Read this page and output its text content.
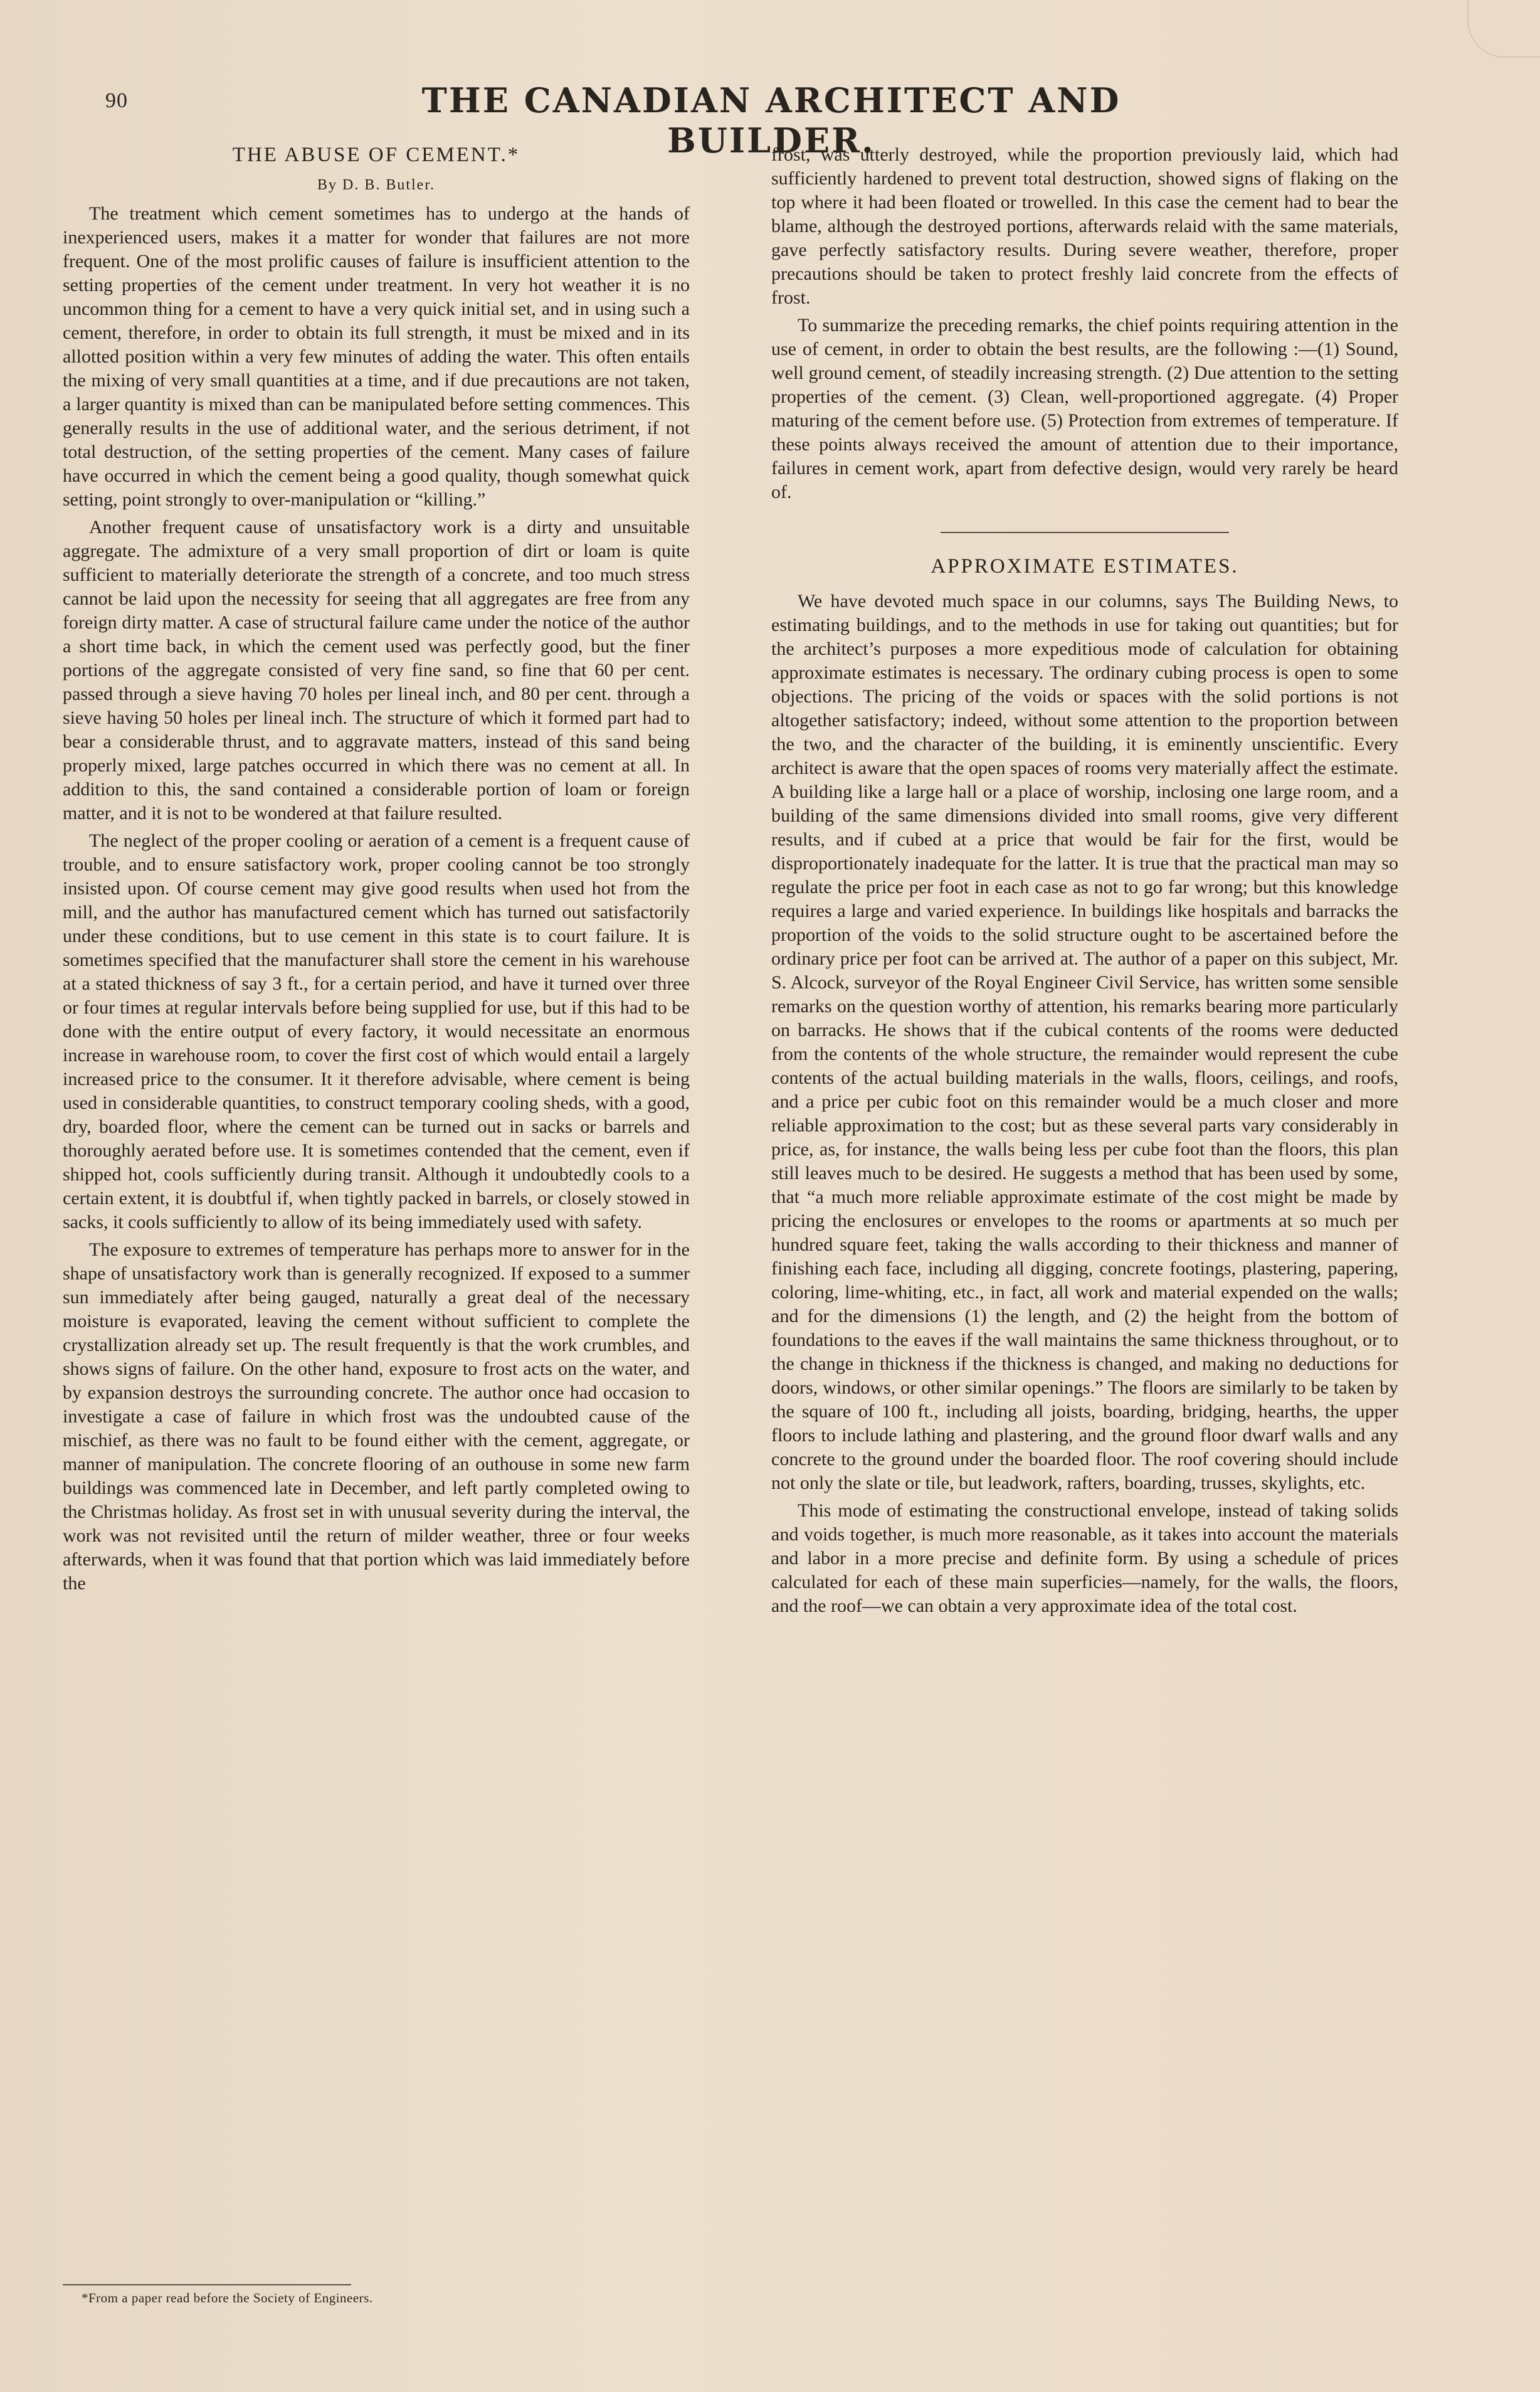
90	THE CANADIAN ARCHITECT AND BUILDER.
THE ABUSE OF CEMENT.*
By D. B. Butler.

The treatment which cement sometimes has to undergo at the hands of inexperienced users, makes it a matter for wonder that failures are not more frequent. One of the most prolific causes of failure is insufficient attention to the setting properties of the cement under treatment. In very hot weather it is no uncommon thing for a cement to have a very quick initial set, and in using such a cement, therefore, in order to obtain its full strength, it must be mixed and in its allotted position within a very few minutes of adding the water. This often entails the mixing of very small quantities at a time, and if due precautions are not taken, a larger quantity is mixed than can be manipulated before setting commences. This generally results in the use of additional water, and the serious detriment, if not total destruction, of the setting properties of the cement. Many cases of failure have occurred in which the cement being a good quality, though somewhat quick setting, point strongly to over-manipulation or “killing.”

Another frequent cause of unsatisfactory work is a dirty and unsuitable aggregate. The admixture of a very small proportion of dirt or loam is quite sufficient to materially deteriorate the strength of a concrete, and too much stress cannot be laid upon the necessity for seeing that all aggregates are free from any foreign dirty matter. A case of structural failure came under the notice of the author a short time back, in which the cement used was perfectly good, but the finer portions of the aggregate consisted of very fine sand, so fine that 60 per cent. passed through a sieve having 70 holes per lineal inch, and 80 per cent. through a sieve having 50 holes per lineal inch. The structure of which it formed part had to bear a considerable thrust, and to aggravate matters, instead of this sand being properly mixed, large patches occurred in which there was no cement at all. In addition to this, the sand contained a considerable portion of loam or foreign matter, and it is not to be wondered at that failure resulted.

The neglect of the proper cooling or aeration of a cement is a frequent cause of trouble, and to ensure satisfactory work, proper cooling cannot be too strongly insisted upon. Of course cement may give good results when used hot from the mill, and the author has manufactured cement which has turned out satisfactorily under these conditions, but to use cement in this state is to court failure. It is sometimes specified that the manufacturer shall store the cement in his warehouse at a stated thickness of say 3 ft., for a certain period, and have it turned over three or four times at regular intervals before being supplied for use, but if this had to be done with the entire output of every factory, it would necessitate an enormous increase in warehouse room, to cover the first cost of which would entail a largely increased price to the consumer. It it therefore advisable, where cement is being used in considerable quantities, to construct temporary cooling sheds, with a good, dry, boarded floor, where the cement can be turned out in sacks or barrels and thoroughly aerated before use. It is sometimes contended that the cement, even if shipped hot, cools sufficiently during transit. Although it undoubtedly cools to a certain extent, it is doubtful if, when tightly packed in barrels, or closely stowed in sacks, it cools sufficiently to allow of its being immediately used with safety.

The exposure to extremes of temperature has perhaps more to answer for in the shape of unsatisfactory work than is generally recognized. If exposed to a summer sun immediately after being gauged, naturally a great deal of the necessary moisture is evaporated, leaving the cement without sufficient to complete the crystallization already set up. The result frequently is that the work crumbles, and shows signs of failure. On the other hand, exposure to frost acts on the water, and by expansion destroys the surrounding concrete. The author once had occasion to investigate a case of failure in which frost was the undoubted cause of the mischief, as there was no fault to be found either with the cement, aggregate, or manner of manipulation. The concrete flooring of an outhouse in some new farm buildings was commenced late in December, and left partly completed owing to the Christmas holiday. As frost set in with unusual severity during the interval, the work was not revisited until the return of milder weather, three or four weeks afterwards, when it was found that that portion which was laid immediately before the

frost, was utterly destroyed, while the proportion previously laid, which had sufficiently hardened to prevent total destruction, showed signs of flaking on the top where it had been floated or trowelled. In this case the cement had to bear the blame, although the destroyed portions, afterwards relaid with the same materials, gave perfectly satisfactory results. During severe weather, therefore, proper precautions should be taken to protect freshly laid concrete from the effects of frost.

To summarize the preceding remarks, the chief points requiring attention in the use of cement, in order to obtain the best results, are the following :—(1) Sound, well ground cement, of steadily increasing strength. (2) Due attention to the setting properties of the cement. (3) Clean, well-proportioned aggregate. (4) Proper maturing of the cement before use. (5) Protection from extremes of temperature. If these points always received the amount of attention due to their importance, failures in cement work, apart from defective design, would very rarely be heard of.

APPROXIMATE ESTIMATES.

We have devoted much space in our columns, says The Building News, to estimating buildings, and to the methods in use for taking out quantities; but for the architect’s purposes a more expeditious mode of calculation for obtaining approximate estimates is necessary. The ordinary cubing process is open to some objections. The pricing of the voids or spaces with the solid portions is not altogether satisfactory; indeed, without some attention to the proportion between the two, and the character of the building, it is eminently unscientific. Every architect is aware that the open spaces of rooms very materially affect the estimate. A building like a large hall or a place of worship, inclosing one large room, and a building of the same dimensions divided into small rooms, give very different results, and if cubed at a price that would be fair for the first, would be disproportionately inadequate for the latter. It is true that the practical man may so regulate the price per foot in each case as not to go far wrong; but this knowledge requires a large and varied experience. In buildings like hospitals and barracks the proportion of the voids to the solid structure ought to be ascertained before the ordinary price per foot can be arrived at. The author of a paper on this subject, Mr. S. Alcock, surveyor of the Royal Engineer Civil Service, has written some sensible remarks on the question worthy of attention, his remarks bearing more particularly on barracks. He shows that if the cubical contents of the rooms were deducted from the contents of the whole structure, the remainder would represent the cube contents of the actual building materials in the walls, floors, ceilings, and roofs, and a price per cubic foot on this remainder would be a much closer and more reliable approximation to the cost; but as these several parts vary considerably in price, as, for instance, the walls being less per cube foot than the floors, this plan still leaves much to be desired. He suggests a method that has been used by some, that “a much more reliable approximate estimate of the cost might be made by pricing the enclosures or envelopes to the rooms or apartments at so much per hundred square feet, taking the walls according to their thickness and manner of finishing each face, including all digging, concrete footings, plastering, papering, coloring, lime-whiting, etc., in fact, all work and material expended on the walls; and for the dimensions (1) the length, and (2) the height from the bottom of foundations to the eaves if the wall maintains the same thickness throughout, or to the change in thickness if the thickness is changed, and making no deductions for doors, windows, or other similar openings.” The floors are similarly to be taken by the square of 100 ft., including all joists, boarding, bridging, hearths, the upper floors to include lathing and plastering, and the ground floor dwarf walls and any concrete to the ground under the boarded floor. The roof covering should include not only the slate or tile, but leadwork, rafters, boarding, trusses, skylights, etc.

This mode of estimating the constructional envelope, instead of taking solids and voids together, is much more reasonable, as it takes into account the materials and labor in a more precise and definite form. By using a schedule of prices calculated for each of these main superficies—namely, for the walls, the floors, and the roof—we can obtain a very approximate idea of the total cost.

*From a paper read before the Society of Engineers.
